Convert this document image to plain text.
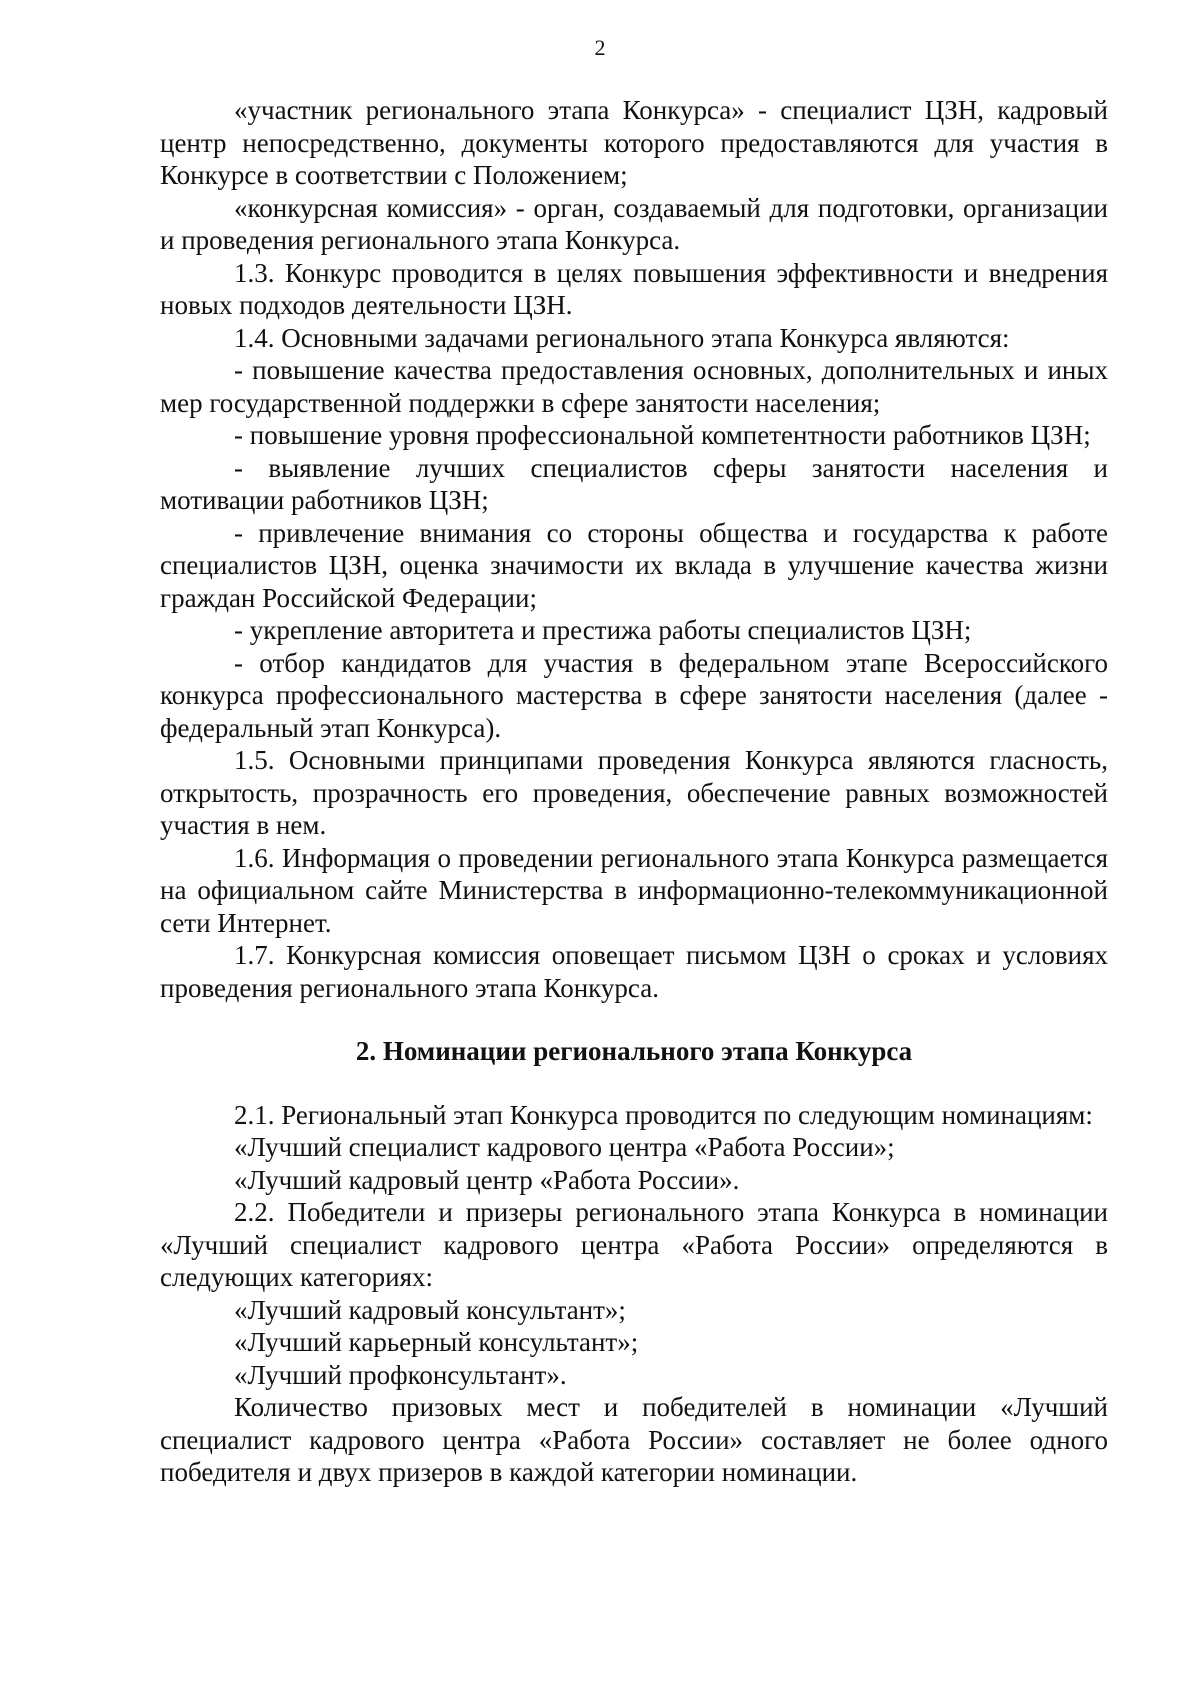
2

«участник регионального этапа Конкурса» - специалист ЦЗН, кадровый центр непосредственно, документы которого предоставляются для участия в Конкурсе в соответствии с Положением;

«конкурсная комиссия» - орган, создаваемый для подготовки, организации и проведения регионального этапа Конкурса.

1.3. Конкурс проводится в целях повышения эффективности и внедрения новых подходов деятельности ЦЗН.

1.4. Основными задачами регионального этапа Конкурса являются:

- повышение качества предоставления основных, дополнительных и иных мер государственной поддержки в сфере занятости населения;

- повышение уровня профессиональной компетентности работников ЦЗН;

- выявление лучших специалистов сферы занятости населения и мотивации работников ЦЗН;

- привлечение внимания со стороны общества и государства к работе специалистов ЦЗН, оценка значимости их вклада в улучшение качества жизни граждан Российской Федерации;

- укрепление авторитета и престижа работы специалистов ЦЗН;

- отбор кандидатов для участия в федеральном этапе Всероссийского конкурса профессионального мастерства в сфере занятости населения (далее - федеральный этап Конкурса).

1.5. Основными принципами проведения Конкурса являются гласность, открытость, прозрачность его проведения, обеспечение равных возможностей участия в нем.

1.6. Информация о проведении регионального этапа Конкурса размещается на официальном сайте Министерства в информационно-телекоммуникационной сети Интернет.

1.7. Конкурсная комиссия оповещает письмом ЦЗН о сроках и условиях проведения регионального этапа Конкурса.

2. Номинации регионального этапа Конкурса

2.1. Региональный этап Конкурса проводится по следующим номинациям:

«Лучший специалист кадрового центра «Работа России»;

«Лучший кадровый центр «Работа России».

2.2. Победители и призеры регионального этапа Конкурса в номинации «Лучший специалист кадрового центра «Работа России» определяются в следующих категориях:

«Лучший кадровый консультант»;

«Лучший карьерный консультант»;

«Лучший профконсультант».

Количество призовых мест и победителей в номинации «Лучший специалист кадрового центра «Работа России» составляет не более одного победителя и двух призеров в каждой категории номинации.
